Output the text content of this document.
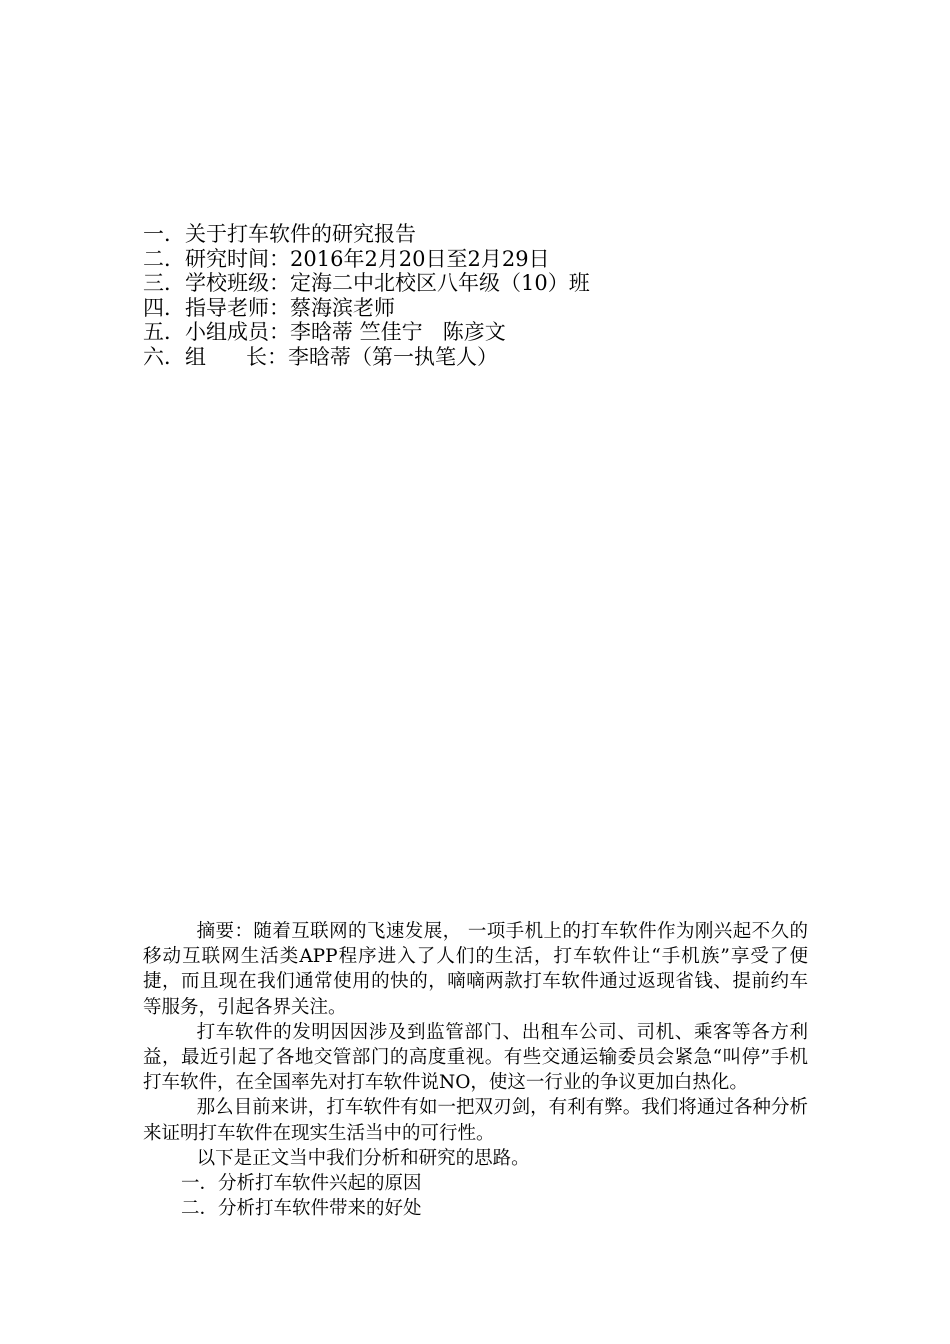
一．关于打车软件的研究报告
二．研究时间：2016年2月20日至2月29日
三．学校班级：定海二中北校区八年级（10）班
四．指导老师：蔡海滨老师
五．小组成员：李晗蒂 竺佳宁   陈彦文
六．组      长：李晗蒂（第一执笔人）

摘要：随着互联网的飞速发展， 一项手机上的打车软件作为刚兴起不久的移动互联网生活类APP程序进入了人们的生活，打车软件让“手机族”享受了便捷，而且现在我们通常使用的快的，嘀嘀两款打车软件通过返现省钱、提前约车等服务，引起各界关注。

打车软件的发明因因涉及到监管部门、出租车公司、司机、乘客等各方利益，最近引起了各地交管部门的高度重视。有些交通运输委员会紧急“叫停”手机打车软件，在全国率先对打车软件说NO，使这一行业的争议更加白热化。

那么目前来讲，打车软件有如一把双刃剑，有利有弊。我们将通过各种分析来证明打车软件在现实生活当中的可行性。

以下是正文当中我们分析和研究的思路。

一．分析打车软件兴起的原因

二．分析打车软件带来的好处
